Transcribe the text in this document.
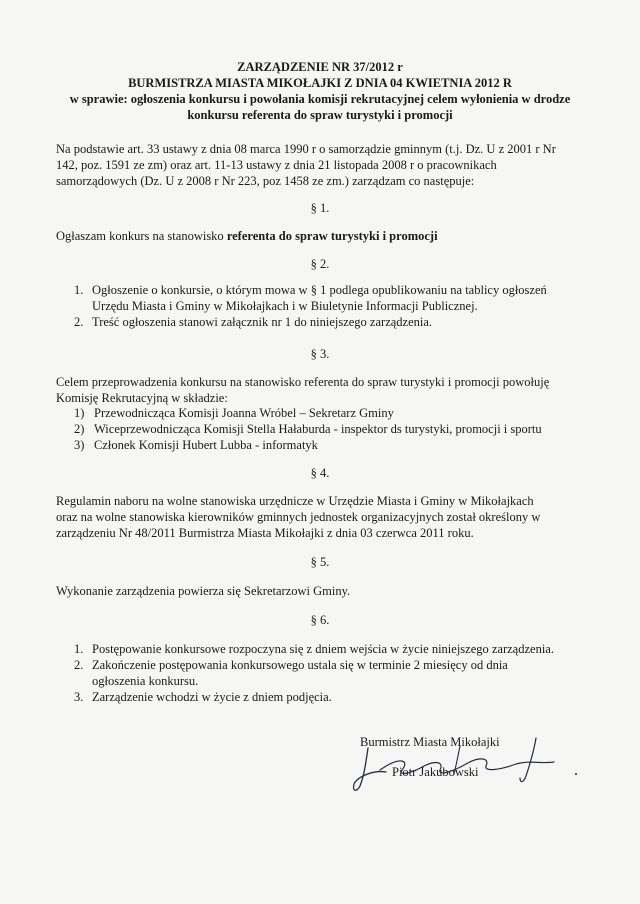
ZARZĄDZENIE NR 37/2012 r
BURMISTRZA MIASTA MIKOŁAJKI Z DNIA 04 KWIETNIA 2012 R
w sprawie: ogłoszenia konkursu i powołania komisji rekrutacyjnej celem wyłonienia w drodze
konkursu referenta do spraw turystyki i promocji
Na podstawie art. 33 ustawy z dnia 08 marca 1990 r o samorządzie gminnym (t.j. Dz. U z 2001 r Nr
142, poz. 1591 ze zm) oraz art. 11-13 ustawy z dnia 21 listopada 2008 r o pracownikach
samorządowych (Dz. U z 2008 r Nr 223, poz 1458 ze zm.) zarządzam co następuje:
§ 1.
Ogłaszam konkurs na stanowisko referenta do spraw turystyki i promocji
§ 2.
1. Ogłoszenie o konkursie, o którym mowa w § 1 podlega opublikowaniu na tablicy ogłoszeń
Urzędu Miasta i Gminy w Mikołajkach i w Biuletynie Informacji Publicznej.
2. Treść ogłoszenia stanowi załącznik nr 1 do niniejszego zarządzenia.
§ 3.
Celem przeprowadzenia konkursu na stanowisko referenta do spraw turystyki i promocji powołuję
Komisję Rekrutacyjną w składzie:
1) Przewodnicząca Komisji Joanna Wróbel – Sekretarz Gminy
2) Wiceprzewodnicząca Komisji Stella Hałaburda - inspektor ds turystyki, promocji i sportu
3) Członek Komisji Hubert Lubba - informatyk
§ 4.
Regulamin naboru na wolne stanowiska urzędnicze w Urzędzie Miasta i Gminy w Mikołajkach
oraz na wolne stanowiska kierowników gminnych jednostek organizacyjnych został określony w
zarządzeniu Nr 48/2011 Burmistrza Miasta Mikołajki z dnia 03 czerwca 2011 roku.
§ 5.
Wykonanie zarządzenia powierza się Sekretarzowi Gminy.
§ 6.
1. Postępowanie konkursowe rozpoczyna się z dniem wejścia w życie niniejszego zarządzenia.
2. Zakończenie postępowania konkursowego ustala się w terminie 2 miesięcy od dnia
ogłoszenia konkursu.
3. Zarządzenie wchodzi w życie z dniem podjęcia.
Burmistrz Miasta Mikołajki
Piotr Jakubowski
